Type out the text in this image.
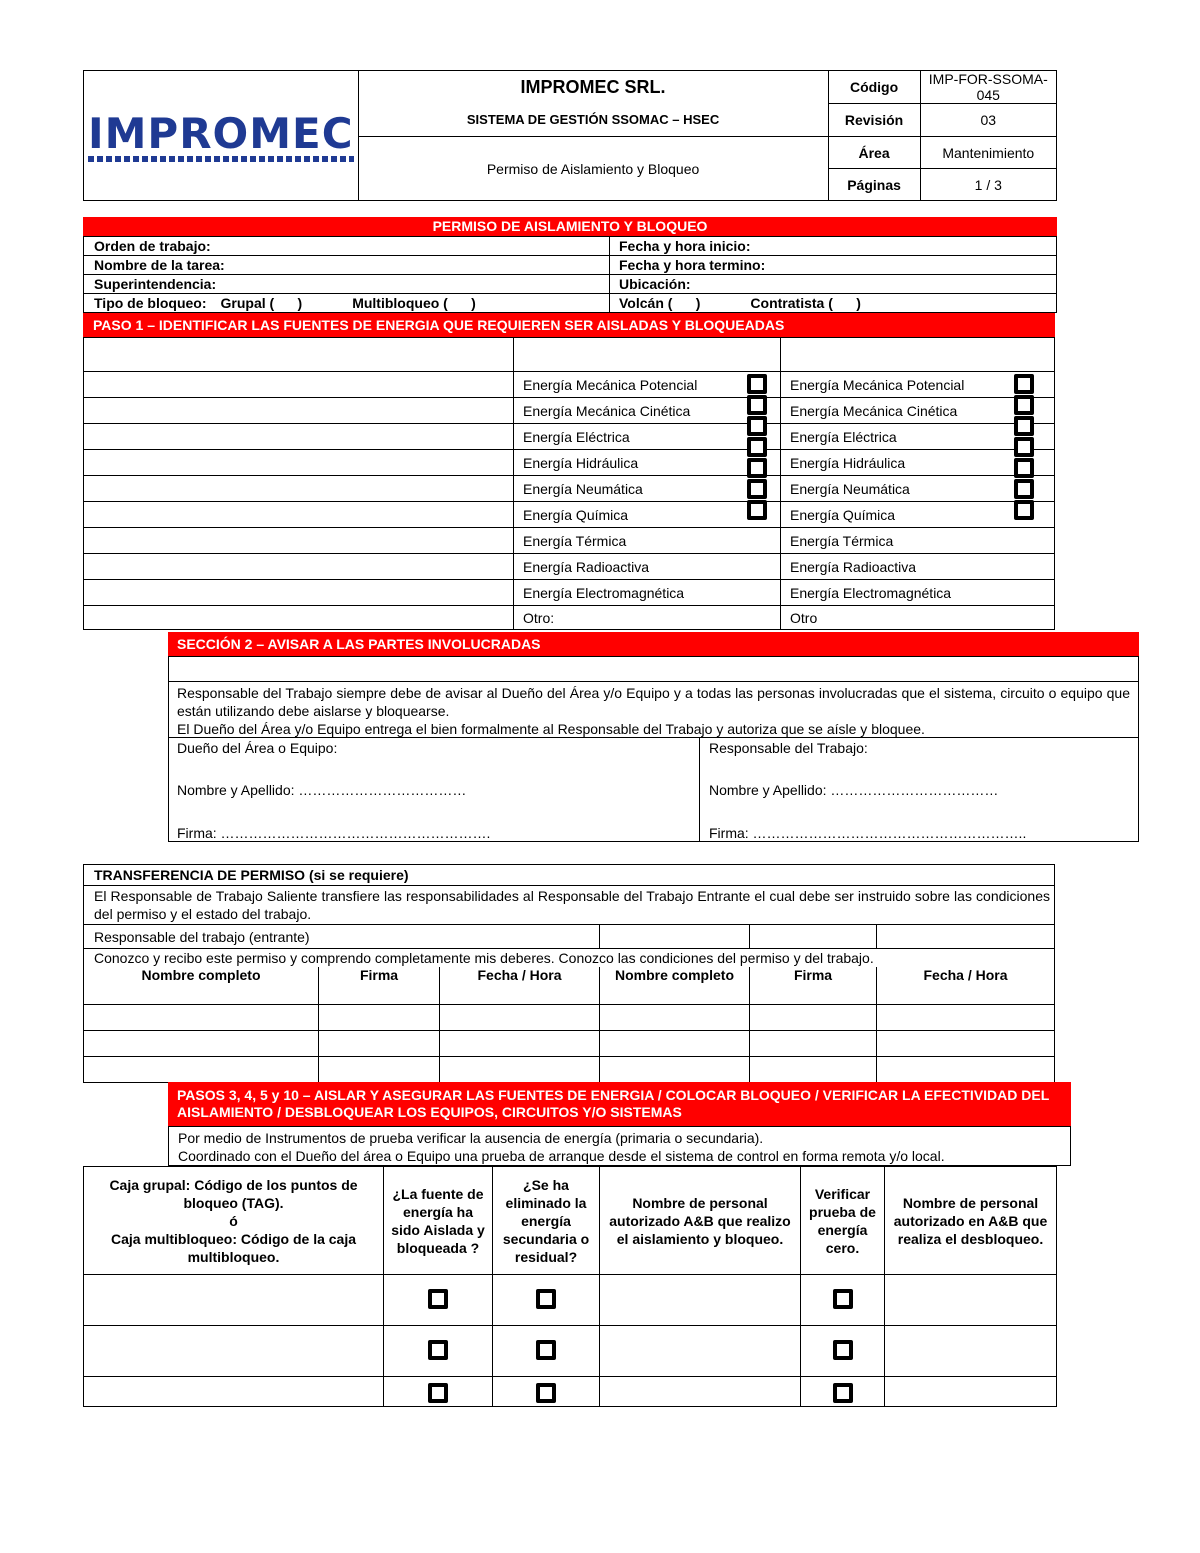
IMPROMEC	IMPROMEC SRL.	Código	IMP-FOR-SSOMA-045
	SISTEMA DE GESTIÓN SSOMAC – HSEC	Revisión	03
	Permiso de Aislamiento y Bloqueo	Área	Mantenimiento
		Páginas	1 / 3
PERMISO DE AISLAMIENTO Y BLOQUEO
Orden de trabajo:	Fecha y hora inicio:
Nombre de la tarea:	Fecha y hora termino:
Superintendencia:	Ubicación:
Tipo de bloqueo: Grupal (      ) Multibloqueo (      )	Volcán (      ) Contratista (      )
PASO 1 – IDENTIFICAR LAS FUENTES DE ENERGIA QUE REQUIEREN SER AISLADAS Y BLOQUEADAS

	Energía Mecánica Potencial	Energía Mecánica Potencial
	Energía Mecánica Cinética	Energía Mecánica Cinética
	Energía Eléctrica	Energía Eléctrica
	Energía Hidráulica	Energía Hidráulica
	Energía Neumática	Energía Neumática
	Energía Química	Energía Química
	Energía Térmica	Energía Térmica
	Energía Radioactiva	Energía Radioactiva
	Energía Electromagnética	Energía Electromagnética
	Otro:	Otro
SECCIÓN 2 – AVISAR A LAS PARTES INVOLUCRADAS
Responsable del Trabajo siempre debe de avisar al Dueño del Área y/o Equipo y a todas las personas involucradas que el sistema, circuito o equipo que están utilizando debe aislarse y bloquearse.
El Dueño del Área y/o Equipo entrega el bien formalmente al Responsable del Trabajo y autoriza que se aísle y bloquee.
Dueño del Área o Equipo:
Nombre y Apellido: ………………………………
Firma: ………………………………………………….
Responsable del Trabajo:
Nombre y Apellido: ………………………………
Firma: …………………………………………………..
TRANSFERENCIA DE PERMISO (si se requiere)					
El Responsable de Trabajo Saliente transfiere las responsabilidades al Responsable del Trabajo Entrante el cual debe ser instruido sobre las condiciones del permiso y el estado del trabajo.					
Responsable del trabajo (entrante)					
Conozco y recibo este permiso y comprendo completamente mis deberes. Conozco las condiciones del permiso y del trabajo.					
Nombre completo	Firma	Fecha / Hora	Nombre completo	Firma	Fecha / Hora

PASOS 3, 4, 5 y 10 – AISLAR Y ASEGURAR LAS FUENTES DE ENERGIA / COLOCAR BLOQUEO / VERIFICAR LA EFECTIVIDAD DEL AISLAMIENTO / DESBLOQUEAR LOS EQUIPOS, CIRCUITOS Y/O SISTEMAS
Por medio de Instrumentos de prueba verificar la ausencia de energía (primaria o secundaria).
Coordinado con el Dueño del área o Equipo una prueba de arranque desde el sistema de control en forma remota y/o local.
Caja grupal: Código de los puntos de bloqueo (TAG).
ó
Caja multibloqueo: Código de la caja multibloqueo.	¿La fuente de energía ha sido Aislada y bloqueada ?	¿Se ha eliminado la energía secundaria o residual?	Nombre de personal autorizado A&B que realizo el aislamiento y bloqueo.	Verificar prueba de energía cero.	Nombre de personal autorizado en A&B que realiza el desbloqueo.
